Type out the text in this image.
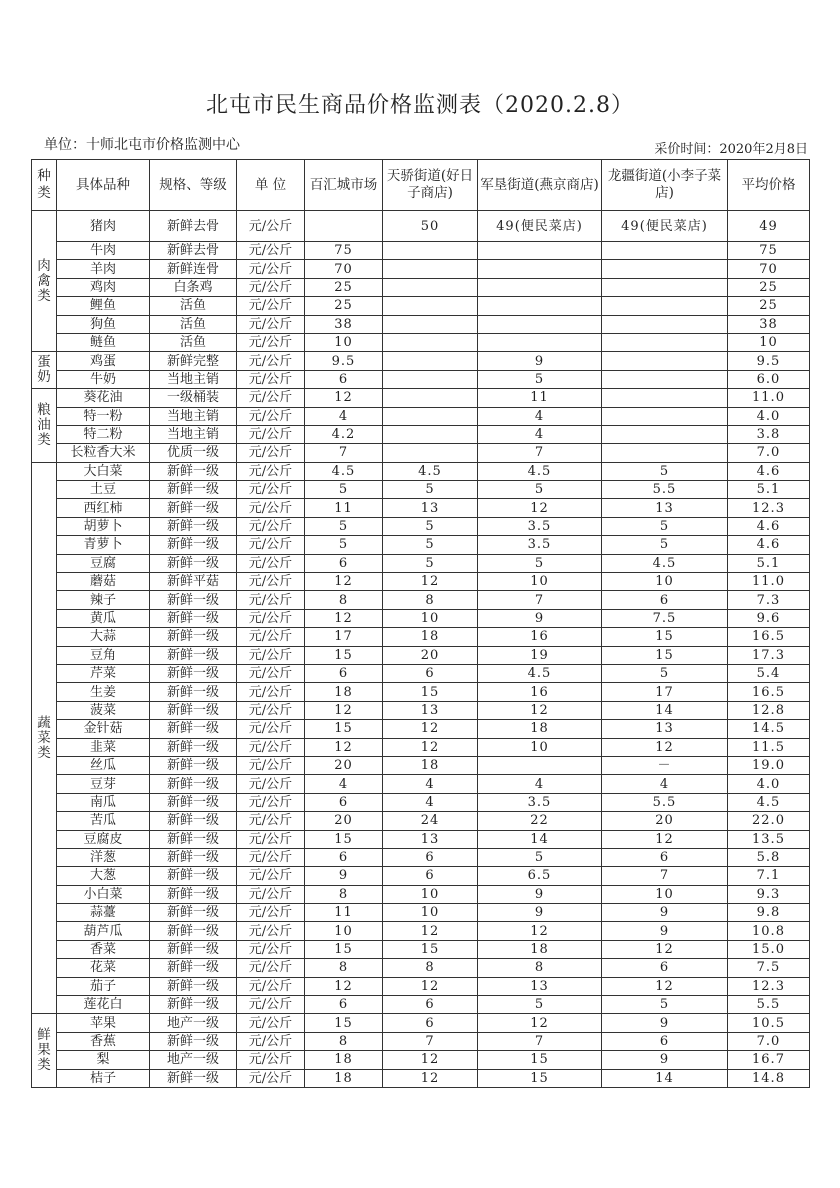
北屯市民生商品价格监测表（2020.2.8）
单位：十师北屯市价格监测中心	采价时间：2020年2月8日
种
类	具体品种	规格、等级	单 位	百汇城市场	天骄街道(好日子商店)	军垦街道(燕京商店)	龙疆街道(小李子菜店)	平均价格

肉
禽
类	猪肉	新鲜去骨	元/公斤		50	49(便民菜店)	49(便民菜店)	49
	牛肉	新鲜去骨	元/公斤	75				75
	羊肉	新鲜连骨	元/公斤	70				70
	鸡肉	白条鸡	元/公斤	25				25
	鲤鱼	活鱼	元/公斤	25				25
	狗鱼	活鱼	元/公斤	38				38
	鲢鱼	活鱼	元/公斤	10				10

蛋
奶	鸡蛋	新鲜完整	元/公斤	9.5		9		9.5
	牛奶	当地主销	元/公斤	6		5		6.0

粮
油
类	葵花油	一级桶装	元/公斤	12		11		11.0
	特一粉	当地主销	元/公斤	4		4		4.0
	特二粉	当地主销	元/公斤	4.2		4		3.8
	长粒香大米	优质一级	元/公斤	7		7		7.0

蔬
菜
类	大白菜	新鲜一级	元/公斤	4.5	4.5	4.5	5	4.6
	土豆	新鲜一级	元/公斤	5	5	5	5.5	5.1
	西红柿	新鲜一级	元/公斤	11	13	12	13	12.3
	胡萝卜	新鲜一级	元/公斤	5	5	3.5	5	4.6
	青萝卜	新鲜一级	元/公斤	5	5	3.5	5	4.6
	豆腐	新鲜一级	元/公斤	6	5	5	4.5	5.1
	蘑菇	新鲜平菇	元/公斤	12	12	10	10	11.0
	辣子	新鲜一级	元/公斤	8	8	7	6	7.3
	黄瓜	新鲜一级	元/公斤	12	10	9	7.5	9.6
	大蒜	新鲜一级	元/公斤	17	18	16	15	16.5
	豆角	新鲜一级	元/公斤	15	20	19	15	17.3
	芹菜	新鲜一级	元/公斤	6	6	4.5	5	5.4
	生姜	新鲜一级	元/公斤	18	15	16	17	16.5
	菠菜	新鲜一级	元/公斤	12	13	12	14	12.8
	金针菇	新鲜一级	元/公斤	15	12	18	13	14.5
	韭菜	新鲜一级	元/公斤	12	12	10	12	11.5
	丝瓜	新鲜一级	元/公斤	20	18		－	19.0
	豆芽	新鲜一级	元/公斤	4	4	4	4	4.0
	南瓜	新鲜一级	元/公斤	6	4	3.5	5.5	4.5
	苦瓜	新鲜一级	元/公斤	20	24	22	20	22.0
	豆腐皮	新鲜一级	元/公斤	15	13	14	12	13.5
	洋葱	新鲜一级	元/公斤	6	6	5	6	5.8
	大葱	新鲜一级	元/公斤	9	6	6.5	7	7.1
	小白菜	新鲜一级	元/公斤	8	10	9	10	9.3
	蒜薹	新鲜一级	元/公斤	11	10	9	9	9.8
	葫芦瓜	新鲜一级	元/公斤	10	12	12	9	10.8
	香菜	新鲜一级	元/公斤	15	15	18	12	15.0
	花菜	新鲜一级	元/公斤	8	8	8	6	7.5
	茄子	新鲜一级	元/公斤	12	12	13	12	12.3
	莲花白	新鲜一级	元/公斤	6	6	5	5	5.5

鲜
果
类	苹果	地产一级	元/公斤	15	6	12	9	10.5
	香蕉	新鲜一级	元/公斤	8	7	7	6	7.0
	梨	地产一级	元/公斤	18	12	15	9	16.7
	桔子	新鲜一级	元/公斤	18	12	15	14	14.8
